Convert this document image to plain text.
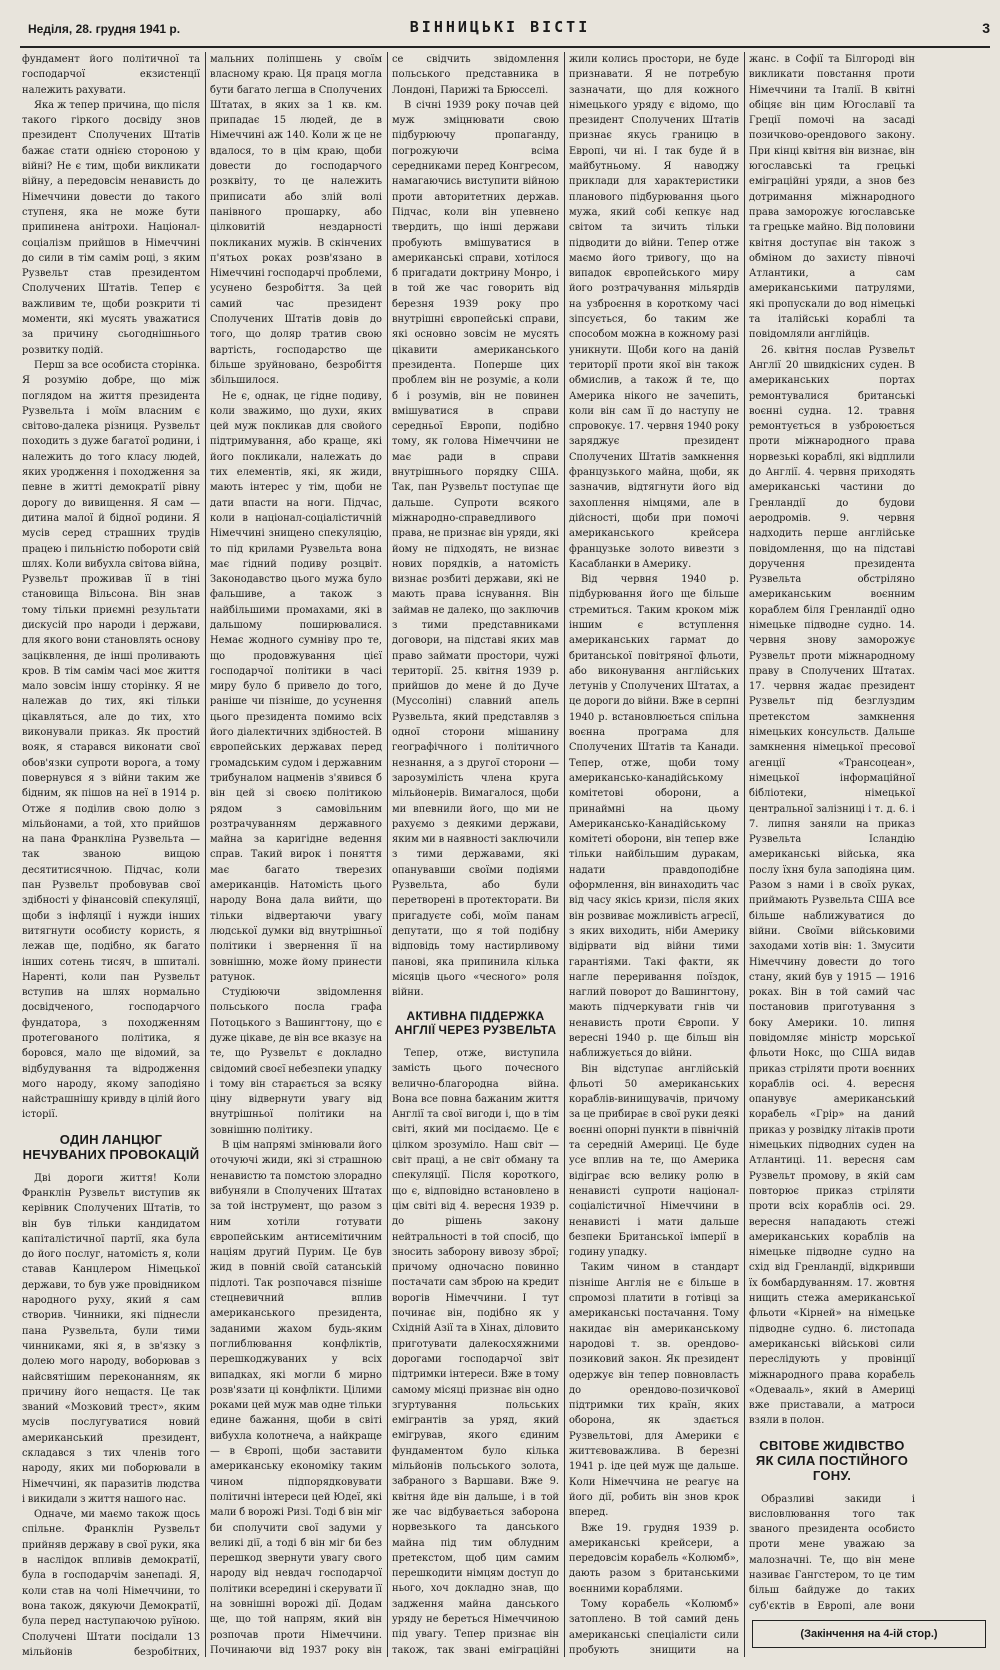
Неділя, 28. грудня 1941 р.	ВІННИЦЬКІ ВІСТІ	3

фундамент його політичної та господарчої екзистенції належить рахувати.

Яка ж тепер причина, що після такого гіркого досвіду знов президент Сполучених Штатів бажає стати однією стороною у війні? Не є тим, щоби викликати війну, а передовсім ненависть до Німеччини довести до такого ступеня, яка не може бути припинена анітрохи. Націонал-соціалізм прийшов в Німеччині до сили в тім самім році, з яким Рузвельт став президентом Сполучених Штатів. Тепер є важливим те, щоби розкрити ті моменти, які мусять уважатися за причину сьогоднішнього розвитку подій.

Перш за все особиста сторінка. Я розумію добре, що між поглядом на життя президента Рузвельта і моїм власним є світово-далека різниця. Рузвельт походить з дуже багатої родини, і належить до того класу людей, яких уродження і походження за певне в житті демократії рівну дорогу до вивищення. Я сам — дитина малої й бідної родини. Я мусів серед страшних трудів працею і пильністю побороти свій шлях. Коли вибухла світова війна, Рузвельт проживав її в тіні становища Вільсона. Він знав тому тільки приємні результати дискусій про народи і держави, для якого вони становлять основу заціквлення, де інші проливають кров. В тім самім часі моє життя мало зовсім іншу сторінку. Я не належав до тих, які тільки цікавляться, але до тих, хто виконували приказ. Як простий вояк, я старався виконати свої обов'язки супроти ворога, а тому повернувся я з війни таким же бідним, як пішов на неї в 1914 р. Отже я поділив свою долю з мільйонами, а той, хто прийшов на пана Франкліна Рузвельта — так званою вищою десятитисячною. Підчас, коли пан Рузвельт пробовував свої здібності у фінансовій спекуляції, щоби з інфляції і нужди інших витягнути особисту користь, я лежав ще, подібно, як багато інших сотень тисяч, в шпиталі. Наренті, коли пан Рузвельт вступив на шлях нормально досвідченого, господарчого фундатора, з походженням протегованого політика, я боровся, мало ще відомий, за відбудування та відродження мого народу, якому заподіяно найстрашнішу кривду в цілій його історії.

ОДИН ЛАНЦЮГ НЕЧУВАНИХ ПРОВОКАЦІЙ

Дві дороги життя! Коли Франклін Рузвельт виступив як керівник Сполучених Штатів, то він був тільки кандидатом капіталістичної партії, яка була до його послуг, натомість я, коли ставав Канцлером Німецької держави, то був уже провідником народного руху, який я сам створив. Чинники, які піднесли пана Рузвельта, були тими чинниками, які я, в зв'язку з долею мого народу, воборював з найсвятішим переконанням, як причину його нещастя. Це так званий «Мозковий трест», яким мусів послугуватися новий американський президент, складався з тих членів того народу, яких ми поборювали в Німеччині, як паразитів людства і викидали з життя нашого нас.

Одначе, ми маємо також щось спільне. Франклін Рузвельт прийняв державу в свої руки, яка в наслідок впливів демократії, була в господарчім занепаді. Я, коли став на чолі Німеччини, то вона також, дякуючи Демократії, була перед наступаючою руїною. Сполучені Штати посідали 13 мільйонів безробітних,

мальних поліпшень у своїм власному краю. Ця праця могла бути багато легша в Сполучених Штатах, в яких за 1 кв. км. припадає 15 людей, де в Німеччині аж 140. Коли ж це не вдалося, то в цім краю, щоби довести до господарчого розквіту, то це належить приписати або злій волі панівного прошарку, або цілковитій нездарності покликаних мужів. В скінчених п'ятьох роках розв'язано в Німеччині господарчі проблеми, усунено безробіття. За цей самий час президент Сполучених Штатів довів до того, що доляр тратив свою вартість, господарство ще більше зруйновано, безробіття збільшилося.

Не є, однак, це гідне подиву, коли зважимо, що духи, яких цей муж покликав для свойого підтримування, або краще, які його покликали, належать до тих елементів, які, як жиди, мають інтерес у тім, щоби не дати впасти на ноги. Підчас, коли в націонал-соціалістичній Німеччині знищено спекуляцію, то під крилами Рузвельта вона має гідний подиву розцвіт. Законодавство цього мужа було фальшиве, а також з найбільшими промахами, які в дальшому поширювалися. Немає жодного сумніву про те, що продовжування цієї господарчої політики в часі миру було б привело до того, раніше чи пізніше, до усунення цього президента помимо всіх його діалектичних здібностей. В європейських державах перед громадським судом і державним трибуналом нацменів з'явився б він цей зі своєю політикою рядом з самовільним розтрачуванням державного майна за каригідне ведення справ. Такий вирок і поняття має багато тверезих американців. Натомість цього народу Вона дала вийти, що тільки відвертаючи увагу людської думки від внутрішньої політики і звернення її на зовнішню, може йому принести ратунок.

Студіюючи звідомлення польського посла графа Потоцького з Вашингтону, що є дуже цікаве, де він все вказує на те, що Рузвельт є докладно свідомий своєї небезпеки упадку і тому він старається за всяку ціну відвернути увагу від внутрішньої політики на зовнішню політику.

В цім напрямі змінювали його оточуючі жиди, які зі страшною ненавистю та помстою злорадно вибуняли в Сполучених Штатах за той інструмент, що разом з ним хотіли готувати європейським антисемітичним націям другий Пурим. Це був жид в повній своїй сатанській підлоті. Так розпочався пізніше стецневичний вплив американського президента, заданими жахом будь-яким поглиблювання конфліктів, перешкоджуваних у всіх випадках, які могли б мирно розв'язати ці конфлікти. Цілими роками цей муж мав одне тільки едине бажання, щоби в світі вибухла колотнеча, а найкраще — в Європі, щоби заставити американську економіку таким чином підпорядковувати політичні інтереси цей Юдеї, які мали б ворожі Ризі. Тоді б він міг би сполучити свої задуми у великі дії, а тоді б він міг би без перешкод звернути увагу свого народу від невдач господарчої політики всередині і скерувати її на зовнішні ворожі дії. Додам ще, що той напрям, який він розпочав проти Німеччини. Починаючи від 1937 року він

се свідчить звідомлення польського представника в Лондоні, Парижі та Брюсселі.

В січні 1939 року почав цей муж зміцнювати свою підбурюючу пропаганду, погрожуючи всіма середниками перед Конгресом, намагаючись виступити війною проти авторитетних держав. Підчас, коли він упевнено твердить, що інші держави пробують вмішуватися в американські справи, хотілося б пригадати доктрину Монро, і в той же час говорить від березня 1939 року про внутрішні європейські справи, які основно зовсім не мусять цікавити американського президента. Поперше цих проблем він не розуміє, а коли б і розумів, він не повинен вмішуватися в справи середньої Европи, подібно тому, як голова Німеччини не має ради в справи внутрішнього порядку США. Так, пан Рузвельт поступає ще дальше. Супроти всякого міжнародно-справедливого права, не признає він уряди, які йому не підходять, не визнає нових порядків, а натомість визнає розбиті держави, які не мають права існування. Він займав не далеко, що заключив з тими представниками договори, на підставі яких мав право займати простори, чужі території. 25. квітня 1939 р. прийшов до мене й до Дуче (Муссоліні) славний апель Рузвельта, який представляв з одної сторони мішанину географічного і політичного незнання, а з другої сторони — зарозумілість члена круга мільйонерів. Вимагалося, щоби ми впевнили його, що ми не рахуємо з деякими держави, яким ми в наявності заключили з тими державами, які опанувавши своїми подіями Рузвельта, або були перетворені в протекторати. Ви пригадуєте собі, моїм панам депутати, що я той подібну відповідь тому настирливому панові, яка припинила кілька місяців цього «чесного» роля війни.

АКТИВНА ПІДДЕРЖКА АНГЛІЇ ЧЕРЕЗ РУЗВЕЛЬТА

Тепер, отже, виступила замість цього почесного велично-благородна війна. Вона все повна бажаним життя Англії та свої вигоди і, що в тім світі, який ми посідаємо. Це є цілком зрозуміло. Наш світ — світ праці, а не світ обману та спекуляції. Після короткого, що є, відповідно встановлено в цім світі від 4. вересня 1939 р. до рішень закону нейтральності в той спосіб, що зносить заборону вивозу зброї; причому одночасно повинно постачати сам зброю на кредит ворогів Німеччини. І тут починає він, подібно як у Східній Азії та в Хінах, діловито приготувати далекосхяжними дорогами господарчої звіт підтримки інтереси. Вже в тому самому місяці признає він одно згуртування польських емігрантів за уряд, який емігрував, якого єдиним фундаментом було кілька мільйонів польського золота, забраного з Варшави. Вже 9. квітня йде він дальше, і в той же час відбувається заборона норвезького та данського майна під тим облудним претекстом, щоб цим самим перешкодити німцям доступ до нього, хоч докладно знав, що задження майна данського уряду не береться Німеччиною під увагу. Тепер признає він також, так звані еміграційні

жили колись простори, не буде признавати. Я не потребую зазначати, що для кожного німецького уряду є відомо, що президент Сполучених Штатів признає якусь границю в Европі, чи ні. І так буде й в майбутньому. Я наводжу приклади для характеристики планового підбурювання цього мужа, який собі кепкує над світом та зичить тільки підводити до війни. Тепер отже маємо його тривогу, що на випадок європейського миру його розтрачування мільярдів на узброєння в короткому часі зіпсується, бо таким же способом можна в кожному разі уникнути. Щоби кого на даній території проти якої він також обмислив, а також й те, що Америка нікого не зачепить, коли він сам її до наступу не спровокує. 17. червня 1940 року заряджує президент Сполучених Штатів замкнення французького майна, щоби, як зазначив, відтягнути його від захоплення німцями, але в дійсності, щоби при помочі американського крейсера французьке золото вивезти з Касабланки в Америку.

Від червня 1940 р. підбурювання його ще більше стремиться. Таким кроком між іншим є вступлення американських гармат до британської повітряної фльоти, або виконування англійських летунів у Сполучених Штатах, а це дороги до війни. Вже в серпні 1940 р. встановлюється спільна воєнна програма для Сполучених Штатів та Канади. Тепер, отже, щоби тому американсько-канадійському комітетові оборони, а принаймні на цьому Американсько-Канадійському комітеті оборони, він тепер вже тільки найбільшим дуракам, надати правдоподібне оформлення, він винаходить час від часу якісь кризи, після яких він розвиває можливість агресії, з яких виходить, ніби Америку відірвати від війни тими гарантіями. Такі факти, як нагле переривання поїздок, наглий поворот до Вашингтону, мають підчеркувати гнів чи ненависть проти Європи. У вересні 1940 р. ще більш він наближується до війни.

Він відступає англійській фльоті 50 американських кораблів-винищувачів, причому за це прибирає в свої руки деякі воєнні опорні пункти в північній та середній Америці. Це буде усе вплив на те, що Америка відіграє всю велику ролю в ненависті супроти націонал-соціалістичної Німеччини в ненависті і мати дальше безпеки Британської імперії в годину упадку.

Таким чином в стандарт пізніше Англія не є більше в спромозі платити в готівці за американські постачання. Тому накидає він американському народові т. зв. орендово-позиковий закон. Як президент одержує він тепер повновласть до орендово-позичкової підтримки тих країн, яких оборона, як здається Рузвельтові, для Америки є життєвоважлива. В березні 1941 р. іде цей муж ще дальше. Коли Німеччина не реагує на його дії, робить він знов крок вперед.

Вже 19. грудня 1939 р. американські крейсери, а передовсім корабель «Колюмб», дають разом з британськими воєнними кораблями.

Тому корабель «Колюмб» затоплено. В той самий день американські спеціалісти сили пробують знищити на

жанс. в Софії та Білгороді він викликати повстання проти Німеччини та Італії. В квітні обіцяє він цим Югославії та Греції помочі на засаді позичково-орендового закону. При кінці квітня він визнає, він югославські та грецькі еміграційні уряди, а знов без дотримання міжнародного права заморожує югославське та грецьке майно. Від половини квітня доступає він також з обміном до захисту півночі Атлантики, а сам американськими патрулями, які пропускали до вод німецькі та італійські кораблі та повідомляли англійців.

26. квітня послав Рузвельт Англії 20 швидкісних суден. В американських портах ремонтувалися британські воєнні судна. 12. травня ремонтується в узброюється проти міжнародного права норвезькі кораблі, які відплили до Англії. 4. червня приходять американські частини до Гренландії до будови аеродромів. 9. червня надходить перше англійське повідомлення, що на підставі доручення президента Рузвельта обстріляно американським воєнним кораблем біля Гренландії одно німецьке підводне судно. 14. червня знову заморожує Рузвельт проти міжнародному праву в Сполучених Штатах. 17. червня жадає президент Рузвельт під безглуздим претекстом замкнення німецьких консульств. Дальше замкнення німецької пресової агенції «Трансоцеан», німецької інформаційної бібліотеки, німецької центральної залізниці і т. д. 6. і 7. липня заняли на приказ Рузвельта Ісландію американські війська, яка послу їхня була заподіяна цим. Разом з нами і в своїх руках, приймають Рузвельта США все більше наближуватися до війни. Своїми військовими заходами хотів він: 1. Змусити Німеччину довести до того стану, який був у 1915 — 1916 роках. Він в той самий час постановив приготування з боку Америки. 10. липня повідомляє міністр морської фльоти Нокс, що США видав приказ стріляти проти воєнних кораблів осі. 4. вересня опанувує американський корабель «Грір» на даний приказ у розвідку літаків проти німецьких підводних суден на Атлантиці. 11. вересня сам Рузвельт промову, в якій сам повторює приказ стріляти проти всіх кораблів осі. 29. вересня нападають стежі американських кораблів на німецьке підводне судно на схід від Гренландії, відкривши їх бомбардуванням. 17. жовтня нищить стежа американської фльоти «Кірней» на німецьке підводне судно. 6. листопада американські військові сили переслідують у провінції міжнародного права корабель «Одевааль», який в Америці вже приставали, а матроси взяли в полон.

СВІТОВЕ ЖИДІВСТВО ЯК СИЛА ПОСТІЙНОГО ГОНУ.

Образливі закиди і висловлювання того так званого президента особисто проти мене уважаю за малозначні. Те, що він мене називає Гангстером, то це тим більш байдуже до таких суб'єктів в Европі, але вони

(Закінчення на 4-ій стор.)
